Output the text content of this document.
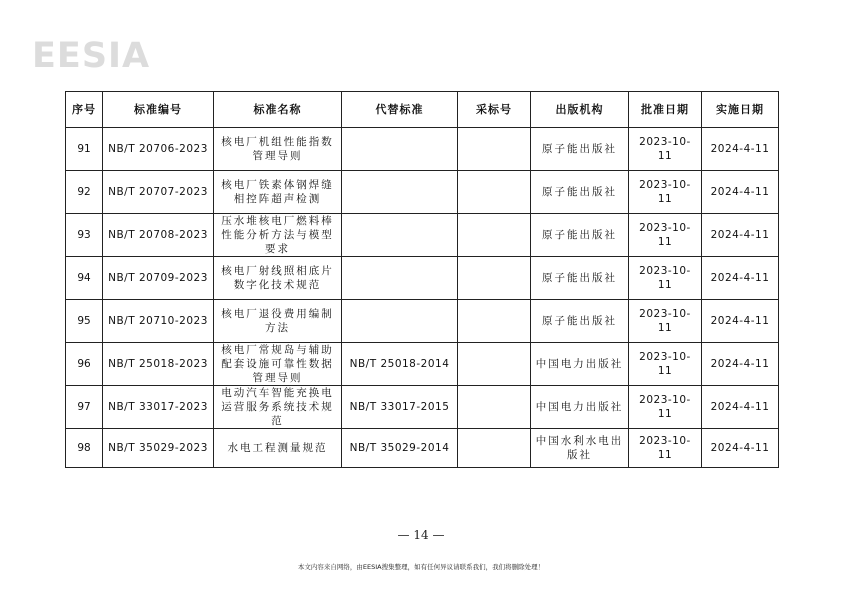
EESIA
序号	标准编号	标准名称	代替标准	采标号	出版机构	批准日期	实施日期
91	NB/T 20706-2023	核电厂机组性能指数管理导则			原子能出版社	2023-10-11	2024-4-11
92	NB/T 20707-2023	核电厂铁素体钢焊缝相控阵超声检测			原子能出版社	2023-10-11	2024-4-11
93	NB/T 20708-2023	压水堆核电厂燃料棒性能分析方法与模型要求			原子能出版社	2023-10-11	2024-4-11
94	NB/T 20709-2023	核电厂射线照相底片数字化技术规范			原子能出版社	2023-10-11	2024-4-11
95	NB/T 20710-2023	核电厂退役费用编制方法			原子能出版社	2023-10-11	2024-4-11
96	NB/T 25018-2023	核电厂常规岛与辅助配套设施可靠性数据管理导则	NB/T 25018-2014		中国电力出版社	2023-10-11	2024-4-11
97	NB/T 33017-2023	电动汽车智能充换电运营服务系统技术规范	NB/T 33017-2015		中国电力出版社	2023-10-11	2024-4-11
98	NB/T 35029-2023	水电工程测量规范	NB/T 35029-2014		中国水利水电出版社	2023-10-11	2024-4-11
— 14 —
本文内容来自网络，由EESIA搜集整理，如有任何异议请联系我们，我们将删除处理！
